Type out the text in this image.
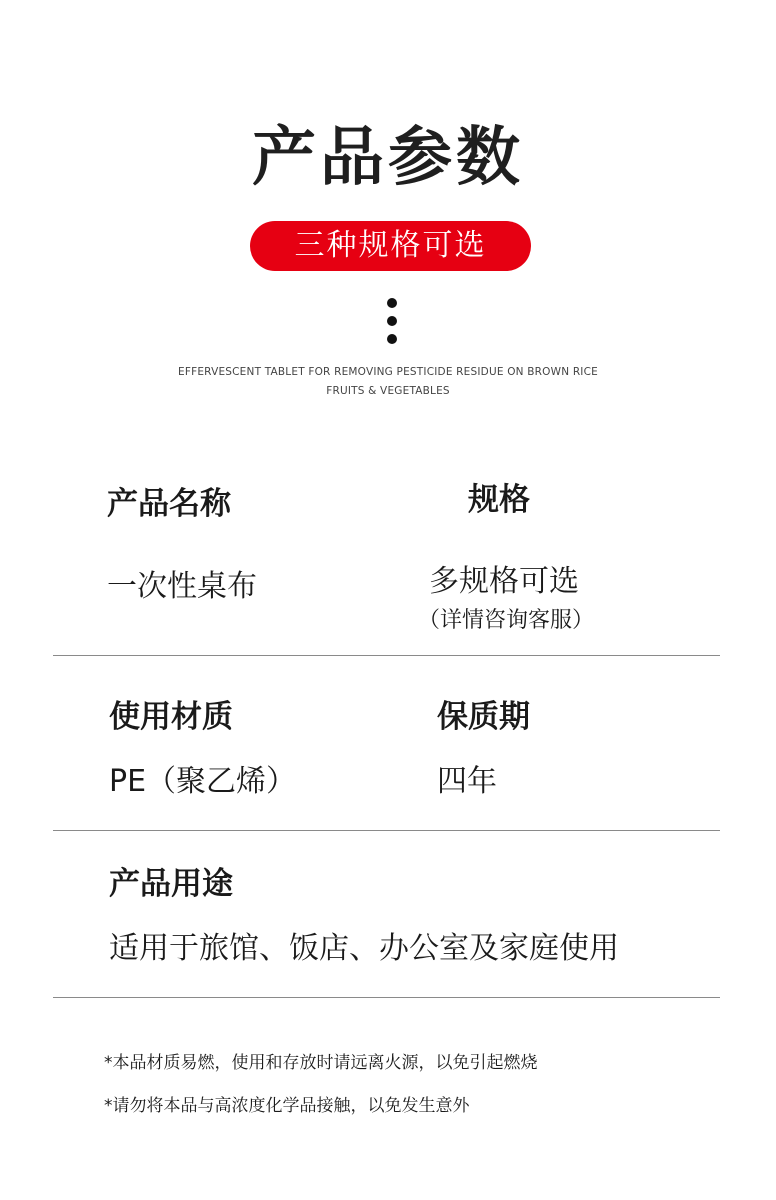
产品参数
三种规格可选
EFFERVESCENT TABLET FOR REMOVING PESTICIDE RESIDUE ON BROWN RICE
FRUITS & VEGETABLES
产品名称	规格
一次性桌布	多规格可选
（详情咨询客服）
使用材质	保质期
PE（聚乙烯）	四年
产品用途
适用于旅馆、饭店、办公室及家庭使用
*本品材质易燃，使用和存放时请远离火源，以免引起燃烧
*请勿将本品与高浓度化学品接触，以免发生意外
